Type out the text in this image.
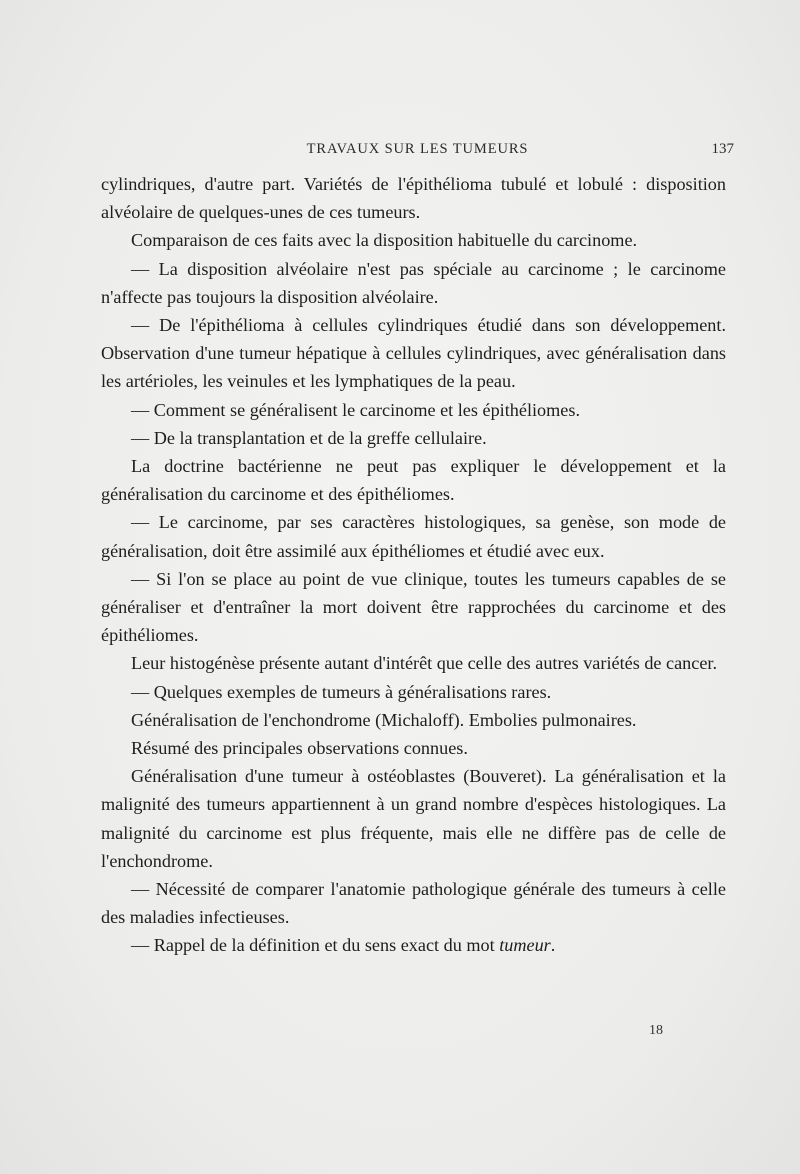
TRAVAUX SUR LES TUMEURS	137

cylindriques, d'autre part. Variétés de l'épithélioma tubulé et lobulé : disposition alvéolaire de quelques-unes de ces tumeurs.

Comparaison de ces faits avec la disposition habituelle du carcinome.

— La disposition alvéolaire n'est pas spéciale au carcinome ; le carcinome n'affecte pas toujours la disposition alvéolaire.

— De l'épithélioma à cellules cylindriques étudié dans son développement. Observation d'une tumeur hépatique à cellules cylindriques, avec généralisation dans les artérioles, les veinules et les lymphatiques de la peau.

— Comment se généralisent le carcinome et les épithéliomes.

— De la transplantation et de la greffe cellulaire.

La doctrine bactérienne ne peut pas expliquer le développement et la généralisation du carcinome et des épithéliomes.

— Le carcinome, par ses caractères histologiques, sa genèse, son mode de généralisation, doit être assimilé aux épithéliomes et étudié avec eux.

— Si l'on se place au point de vue clinique, toutes les tumeurs capables de se généraliser et d'entraîner la mort doivent être rapprochées du carcinome et des épithéliomes.

Leur histogénèse présente autant d'intérêt que celle des autres variétés de cancer.

— Quelques exemples de tumeurs à généralisations rares.

Généralisation de l'enchondrome (Michaloff). Embolies pulmonaires.

Résumé des principales observations connues.

Généralisation d'une tumeur à ostéoblastes (Bouveret). La généralisation et la malignité des tumeurs appartiennent à un grand nombre d'espèces histologiques. La malignité du carcinome est plus fréquente, mais elle ne diffère pas de celle de l'enchondrome.

— Nécessité de comparer l'anatomie pathologique générale des tumeurs à celle des maladies infectieuses.

— Rappel de la définition et du sens exact du mot tumeur.

18
